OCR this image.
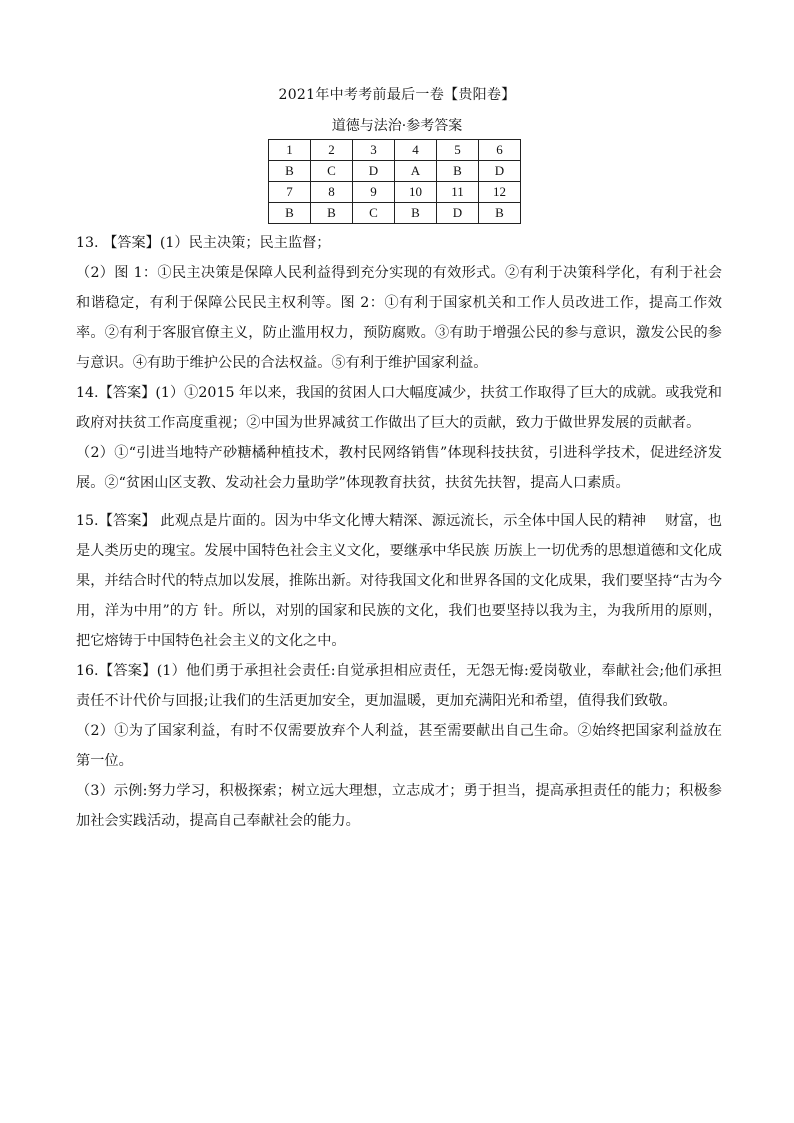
2021年中考考前最后一卷【贵阳卷】
道德与法治·参考答案
1	2	3	4	5	6
B	C	D	A	B	D
7	8	9	10	11	12
B	B	C	B	D	B

13. 【答案】(1）民主决策；民主监督；

（2）图 1：①民主决策是保障人民利益得到充分实现的有效形式。②有利于决策科学化，有利于社会和谐稳定，有利于保障公民民主权利等。图 2：①有利于国家机关和工作人员改进工作，提高工作效率。②有利于客服官僚主义，防止滥用权力，预防腐败。③有助于增强公民的参与意识，激发公民的参与意识。④有助于维护公民的合法权益。⑤有利于维护国家利益。

14.【答案】(1）①2015 年以来，我国的贫困人口大幅度减少，扶贫工作取得了巨大的成就。或我党和政府对扶贫工作高度重视；②中国为世界减贫工作做出了巨大的贡献，致力于做世界发展的贡献者。

（2）①“引进当地特产砂糖橘种植技术，教村民网络销售”体现科技扶贫，引进科学技术，促进经济发展。②“贫困山区支教、发动社会力量助学”体现教育扶贫，扶贫先扶智，提高人口素质。

15.【答案】 此观点是片面的。因为中华文化博大精深、源远流长，示全体中国人民的精神　 财富，也是人类历史的瑰宝。发展中国特色社会主义文化，要继承中华民族 历族上一切优秀的思想道德和文化成果，并结合时代的特点加以发展，推陈出新。对待我国文化和世界各国的文化成果，我们要坚持“古为今用，洋为中用”的方 针。所以，对别的国家和民族的文化，我们也要坚持以我为主，为我所用的原则，把它熔铸于中国特色社会主义的文化之中。

16.【答案】(1）他们勇于承担社会责任:自觉承担相应责任，无怨无悔:爱岗敬业，奉献社会;他们承担责任不计代价与回报;让我们的生活更加安全，更加温暖，更加充满阳光和希望，值得我们致敬。

（2）①为了国家利益，有时不仅需要放弃个人利益，甚至需要献出自己生命。②始终把国家利益放在第一位。

（3）示例:努力学习，积极探索；树立远大理想，立志成才；勇于担当，提高承担责任的能力；积极参加社会实践活动，提高自己奉献社会的能力。
